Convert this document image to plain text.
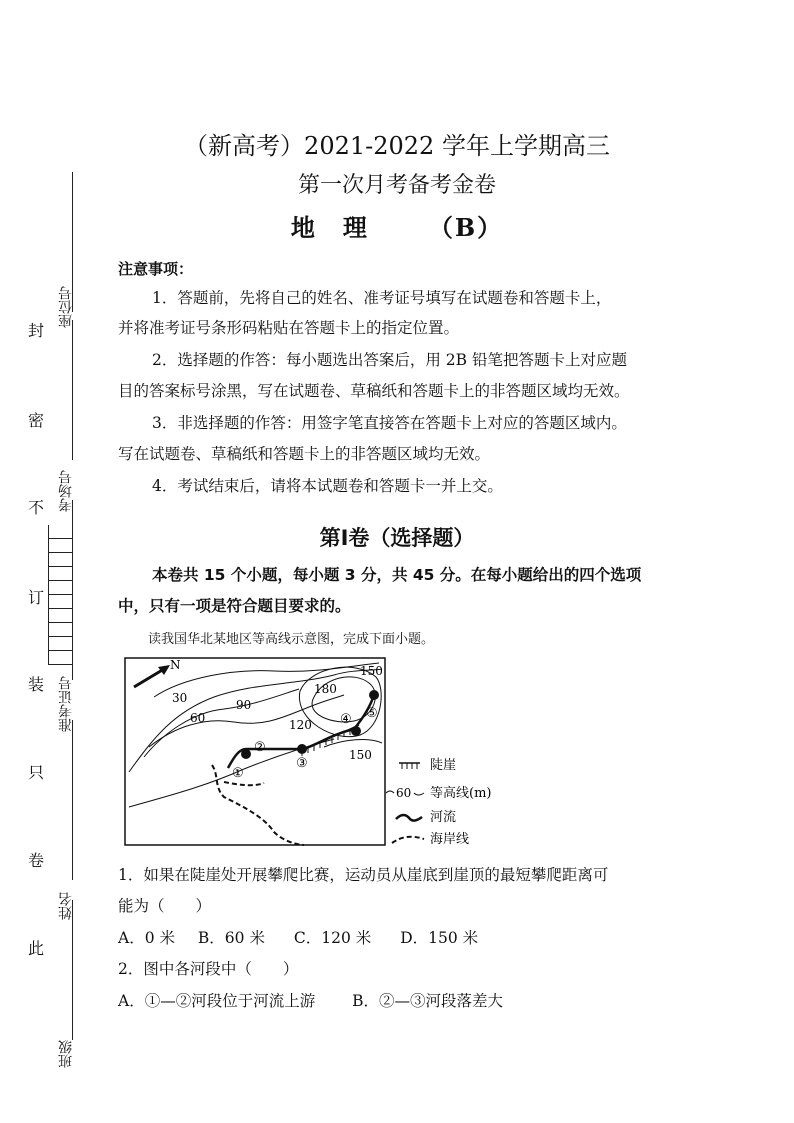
座位号
考场号
准考证号
姓名
班级
封
密
不
订
装
只
卷
此
（新高考）2021-2022 学年上学期高三
第一次月考备考金卷
地　理	（B）
注意事项：
1．答题前，先将自己的姓名、准考证号填写在试题卷和答题卡上，
并将准考证号条形码粘贴在答题卡上的指定位置。
2．选择题的作答：每小题选出答案后，用 2B 铅笔把答题卡上对应题
目的答案标号涂黑，写在试题卷、草稿纸和答题卡上的非答题区域均无效。
3．非选择题的作答：用签字笔直接答在答题卡上对应的答题区域内。
写在试题卷、草稿纸和答题卡上的非答题区域均无效。
4．考试结束后，请将本试题卷和答题卡一并上交。
第Ⅰ卷（选择题）
本卷共 15 个小题，每小题 3 分，共 45 分。在每小题给出的四个选项
中，只有一项是符合题目要求的。
读我国华北某地区等高线示意图，完成下面小题。
N
30
60
90
120
180
150
150
①
②
③
④ ⑤
陡崖
60 等高线(m)
河流
海岸线
1．如果在陡崖处开展攀爬比赛，运动员从崖底到崖顶的最短攀爬距离可
能为（　　）
A．0 米 B．60 米 C．120 米 D．150 米
2．图中各河段中（　　）
A．①—②河段位于河流上游 B．②—③河段落差大
